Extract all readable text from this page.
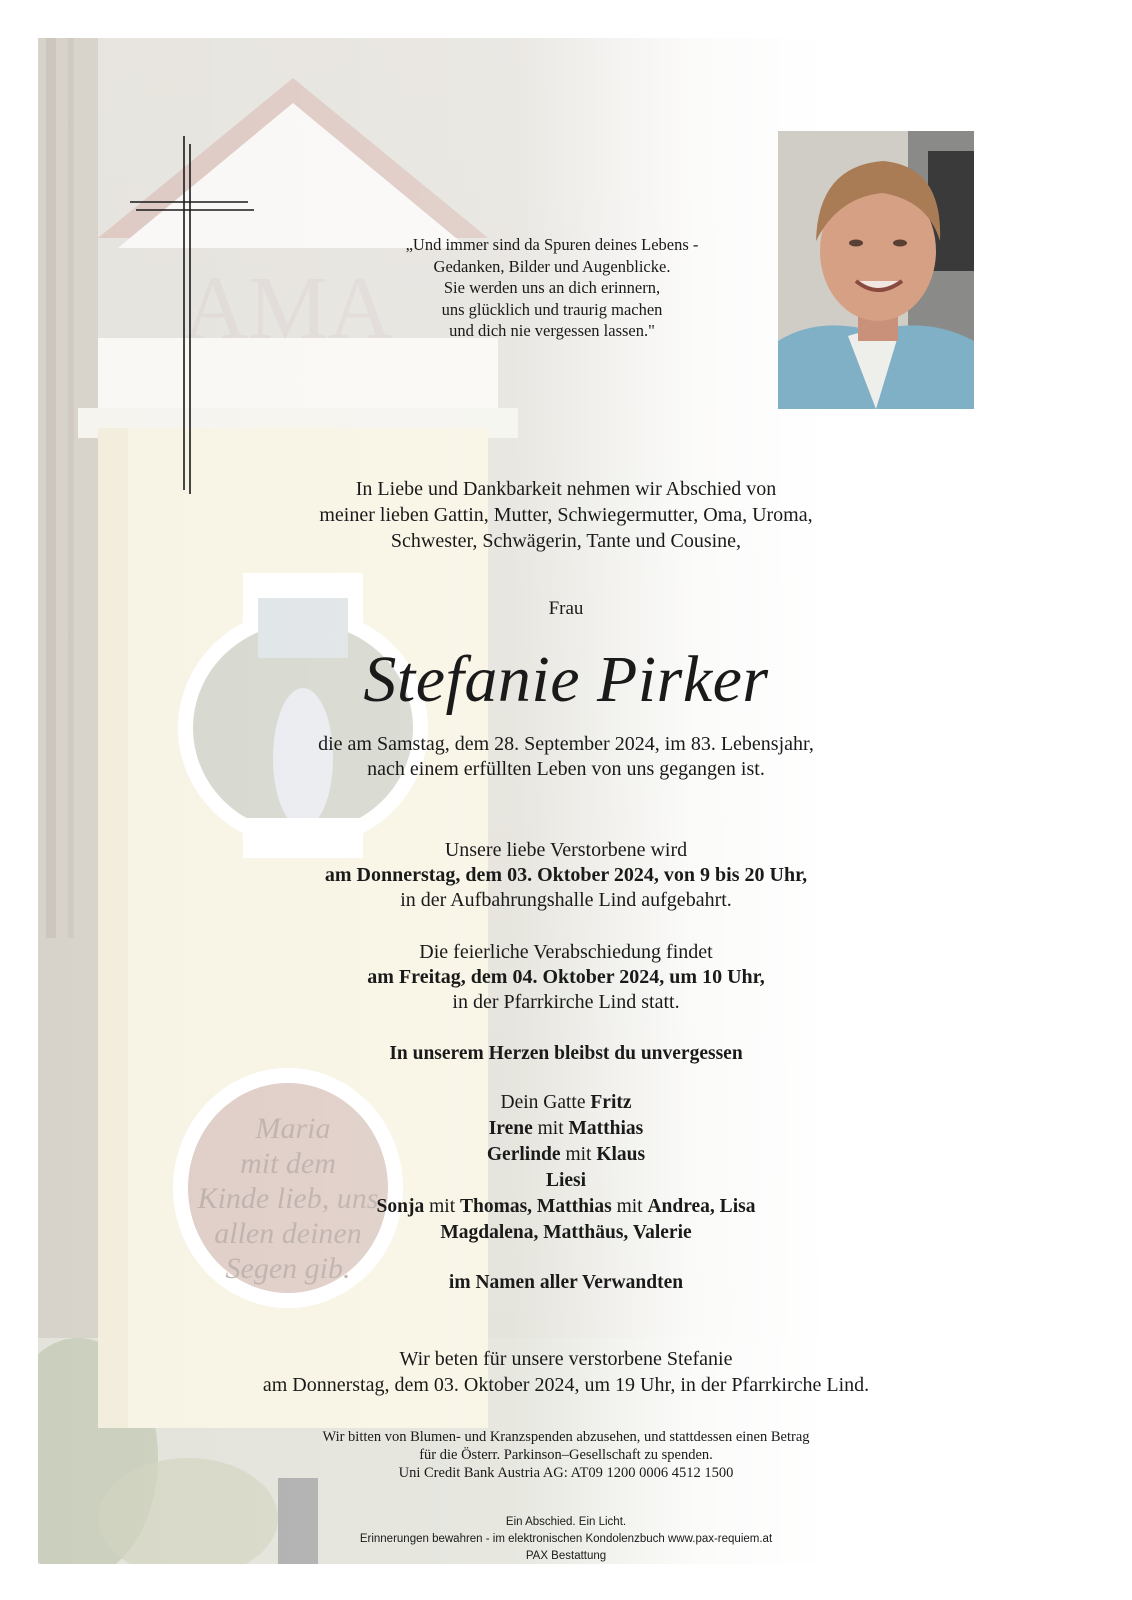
„Und immer sind da Spuren deines Lebens -
Gedanken, Bilder und Augenblicke.
Sie werden uns an dich erinnern,
uns glücklich und traurig machen
und dich nie vergessen lassen."
In Liebe und Dankbarkeit nehmen wir Abschied von
meiner lieben Gattin, Mutter, Schwiegermutter, Oma, Uroma,
Schwester, Schwägerin, Tante und Cousine,
Frau
Stefanie Pirker
die am Samstag, dem 28. September 2024, im 83. Lebensjahr,
nach einem erfüllten Leben von uns gegangen ist.
Unsere liebe Verstorbene wird
am Donnerstag, dem 03. Oktober 2024, von 9 bis 20 Uhr,
in der Aufbahrungshalle Lind aufgebahrt.
Die feierliche Verabschiedung findet
am Freitag, dem 04. Oktober 2024, um 10 Uhr,
in der Pfarrkirche Lind statt.
In unserem Herzen bleibst du unvergessen
Dein Gatte Fritz
Irene mit Matthias
Gerlinde mit Klaus
Liesi
Sonja mit Thomas, Matthias mit Andrea, Lisa
Magdalena, Matthäus, Valerie
im Namen aller Verwandten
Wir beten für unsere verstorbene Stefanie
am Donnerstag, dem 03. Oktober 2024, um 19 Uhr, in der Pfarrkirche Lind.
Wir bitten von Blumen- und Kranzspenden abzusehen, und stattdessen einen Betrag
für die Österr. Parkinson–Gesellschaft zu spenden.
Uni Credit Bank Austria AG: AT09 1200 0006 4512 1500
Ein Abschied. Ein Licht.
Erinnerungen bewahren - im elektronischen Kondolenzbuch www.pax-requiem.at
PAX Bestattung
